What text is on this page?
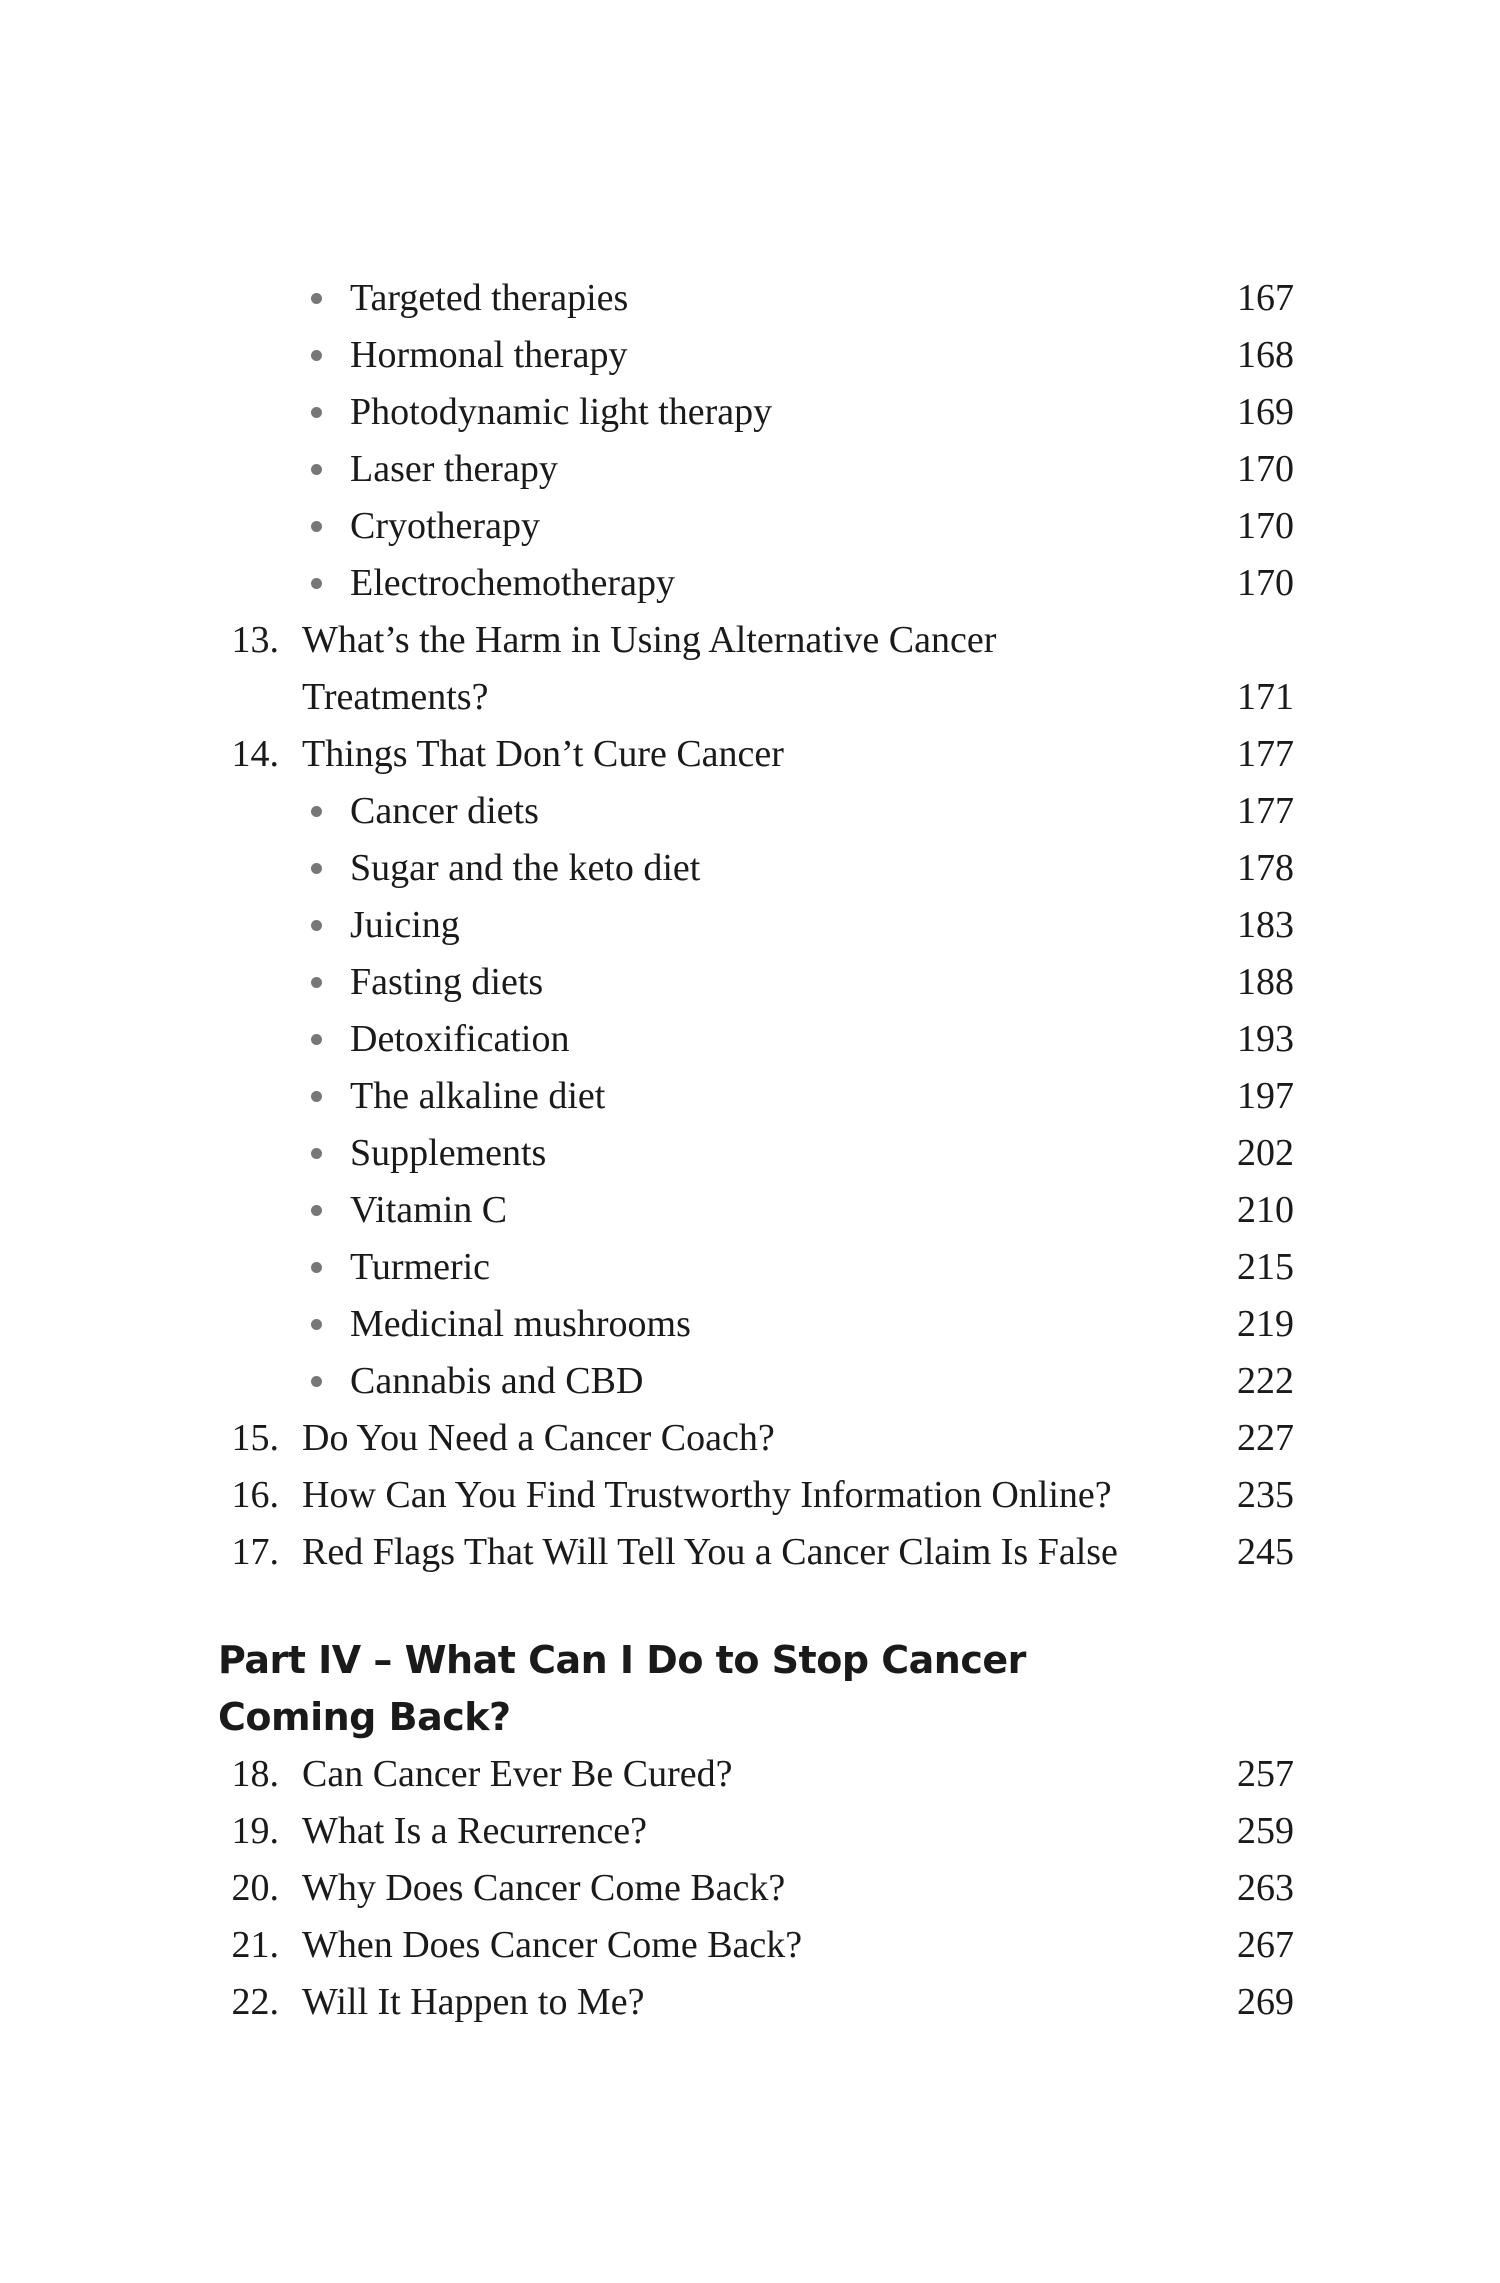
Targeted therapies	167
Hormonal therapy	168
Photodynamic light therapy	169
Laser therapy	170
Cryotherapy	170
Electrochemotherapy	170
13. What’s the Harm in Using Alternative Cancer
Treatments?	171
14. Things That Don’t Cure Cancer	177
Cancer diets	177
Sugar and the keto diet	178
Juicing	183
Fasting diets	188
Detoxification	193
The alkaline diet	197
Supplements	202
Vitamin C	210
Turmeric	215
Medicinal mushrooms	219
Cannabis and CBD	222
15. Do You Need a Cancer Coach?	227
16. How Can You Find Trustworthy Information Online?	235
17. Red Flags That Will Tell You a Cancer Claim Is False	245
Part IV – What Can I Do to Stop Cancer
Coming Back?
18. Can Cancer Ever Be Cured?	257
19. What Is a Recurrence?	259
20. Why Does Cancer Come Back?	263
21. When Does Cancer Come Back?	267
22. Will It Happen to Me?	269
